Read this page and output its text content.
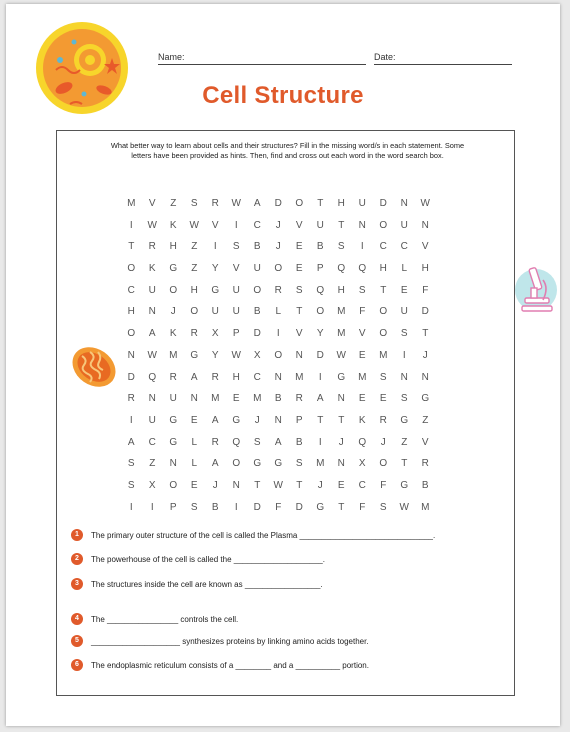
Name:	Date:
Cell Structure
What better way to learn about cells and their structures? Fill in the missing word/s in each statement. Some letters have been provided as hints. Then, find and cross out each word in the word search box.
M	V	Z	S	R	W	A	D	O	T	H	U	D	N	W
I	W	K	W	V	I	C	J	V	U	T	N	O	U	N
T	R	H	Z	I	S	B	J	E	B	S	I	C	C	V
O	K	G	Z	Y	V	U	O	E	P	Q	Q	H	L	H
C	U	O	H	G	U	O	R	S	Q	H	S	T	E	F
H	N	J	O	U	U	B	L	T	O	M	F	O	U	D
O	A	K	R	X	P	D	I	V	Y	M	V	O	S	T
N	W	M	G	Y	W	X	O	N	D	W	E	M	I	J
D	Q	R	A	R	H	C	N	M	I	G	M	S	N	N
R	N	U	N	M	E	M	B	R	A	N	E	E	S	G
I	U	G	E	A	G	J	N	P	T	T	K	R	G	Z
A	C	G	L	R	Q	S	A	B	I	J	Q	J	Z	V
S	Z	N	L	A	O	G	G	S	M	N	X	O	T	R
S	X	O	E	J	N	T	W	T	J	E	C	F	G	B
I	I	P	S	B	I	D	F	D	G	T	F	S	W	M
1	The primary outer structure of the cell is called the Plasma ______________________________.
2	The powerhouse of the cell is called the ____________________.
3	The structures inside the cell are known as _________________.
4	The ________________ controls the cell.
5	____________________ synthesizes proteins by linking amino acids together.
6	The endoplasmic reticulum consists of a ________ and a __________ portion.
